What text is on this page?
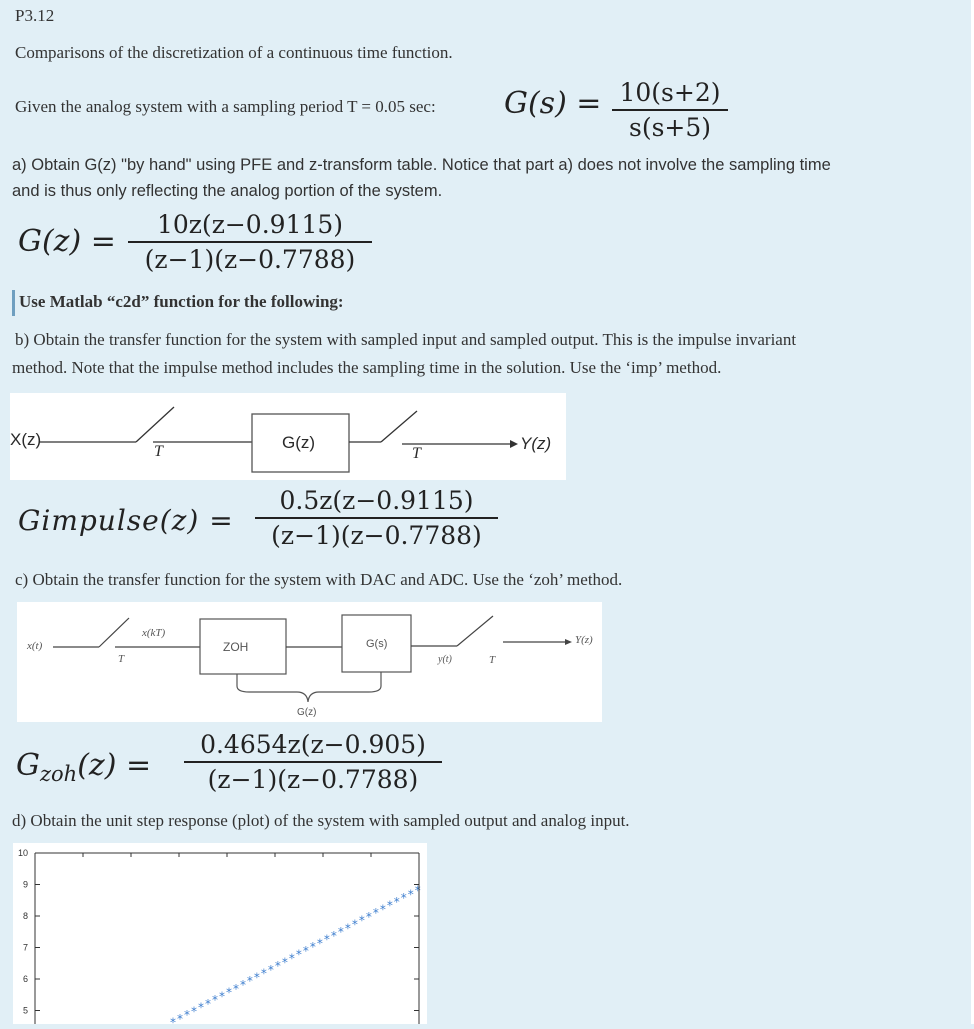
P3.12
Comparisons of the discretization of a continuous time function.
Given the analog system with a sampling period T = 0.05 sec: G(s) = 10(s+2)
s(s+5)
a) Obtain G(z) "by hand" using PFE and z-transform table. Notice that part a) does not involve the sampling time
and is thus only reflecting the analog portion of the system.
G(z) =	10z(z−0.9115)
(z−1)(z−0.7788)
Use Matlab “c2d” function for the following:
b) Obtain the transfer function for the system with sampled input and sampled output. This is the impulse invariant
method. Note that the impulse method includes the sampling time in the solution. Use the ‘imp’ method.
X(z)
T	G(z)
T
Y(z)
Gimpulse(z) =
0.5z(z−0.9115)
(z−1)(z−0.7788)
c) Obtain the transfer function for the system with DAC and ADC. Use the ‘zoh’ method.
x(t)
T
x(kT)
ZOH	G(s)
y(t)	T
Y(z)
G(z)
$G_{zoh}(z)$ =
0.4654z(z−0.905)
(z−1)(z−0.7788)
d) Obtain the unit step response (plot) of the system with sampled output and analog input.
10
9
8
7
6
5
* * * * * * * * * * * * * * * * * * * * * * * * * * * * * * * * * * * *
